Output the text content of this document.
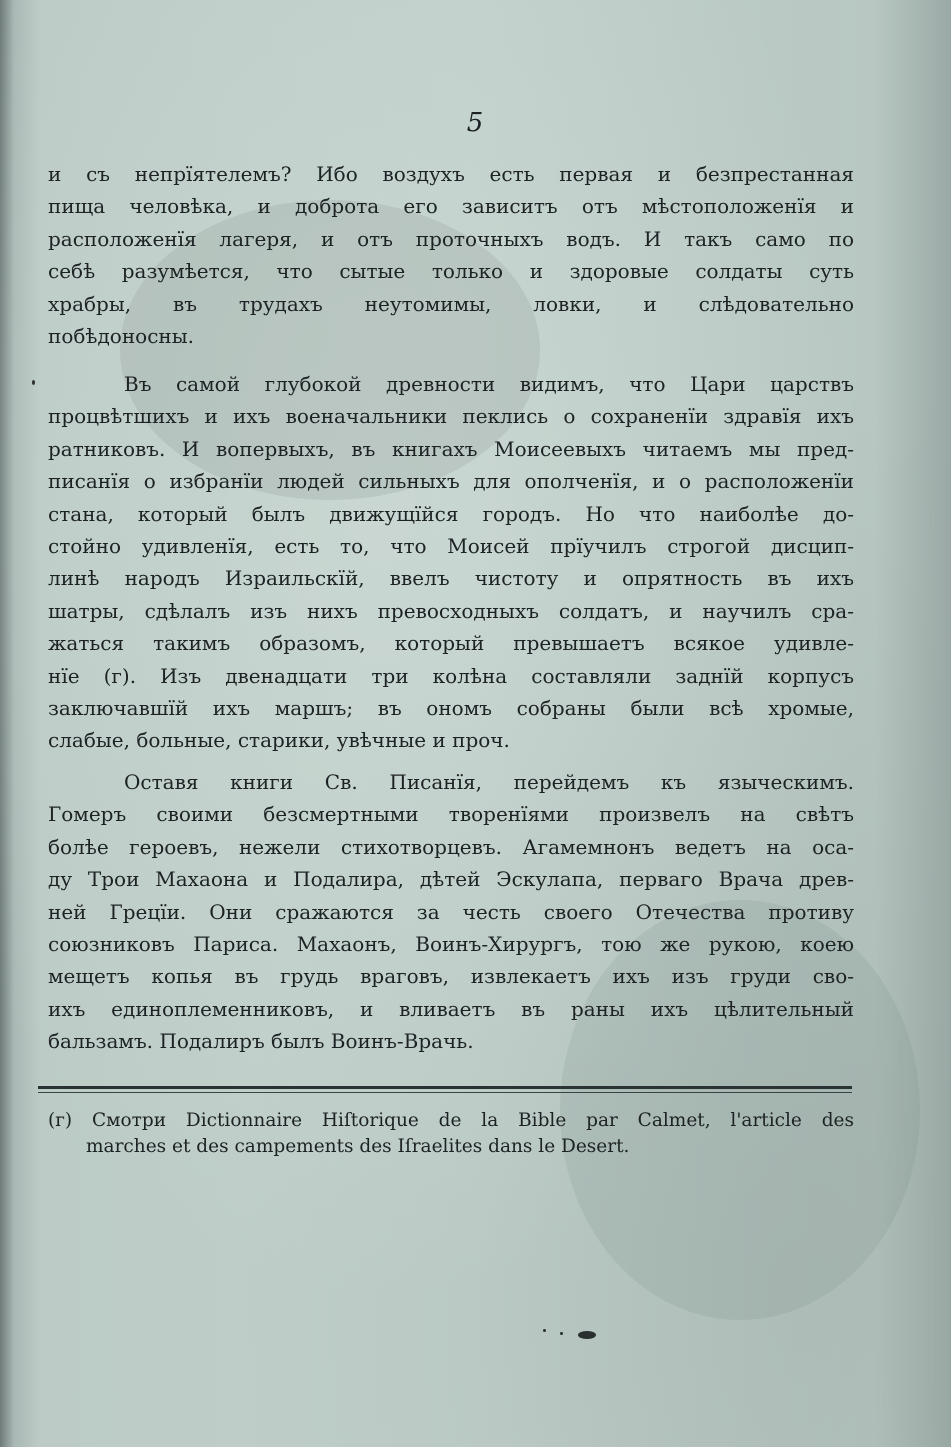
5
и съ непрїятелемъ? Ибо воздухъ есть первая и безпрестанная
пища человѣка, и доброта его зависитъ отъ мѣстоположенїя и
расположенїя лагеря, и отъ проточныхъ водъ. И такъ само по
себѣ разумѣется, что сытые только и здоровые солдаты суть
храбры, въ трудахъ неутомимы, ловки, и слѣдовательно
побѣдоносны.
Въ самой глубокой древности видимъ, что Цари царствъ
процвѣтшихъ и ихъ военачальники пеклись о сохраненїи здравїя ихъ
ратниковъ. И вопервыхъ, въ книгахъ Моисеевыхъ читаемъ мы пред-
писанїя о избранїи людей сильныхъ для ополченїя, и о расположенїи
стана, который былъ движущїйся городъ. Но что наиболѣе до-
стойно удивленїя, есть то, что Моисей прїучилъ строгой дисцип-
линѣ народъ Израильскїй, ввелъ чистоту и опрятность въ ихъ
шатры, сдѣлалъ изъ нихъ превосходныхъ солдатъ, и научилъ сра-
жаться такимъ образомъ, который превышаетъ всякое удивле-
нїе (г). Изъ двенадцати три колѣна составляли заднїй корпусъ
заключавшїй ихъ маршъ; въ ономъ собраны были всѣ хромые,
слабые, больные, старики, увѣчные и проч.
Оставя книги Св. Писанїя, перейдемъ къ языческимъ.
Гомеръ своими безсмертными творенїями произвелъ на свѣтъ
болѣе героевъ, нежели стихотворцевъ. Агамемнонъ ведетъ на оса-
ду Трои Махаона и Подалира, дѣтей Эскулапа, перваго Врача древ-
ней Грецїи. Они сражаются за честь своего Отечества противу
союзниковъ Париса. Махаонъ, Воинъ-Хирургъ, тою же рукою, коею
мещетъ копья въ грудь враговъ, извлекаетъ ихъ изъ груди сво-
ихъ единоплеменниковъ, и вливаетъ въ раны ихъ цѣлительный
бальзамъ. Подалиръ былъ Воинъ-Врачь.
(г) Смотри Dictionnaire Hiſtorique de la Bible par Calmet, l'article des
marches et des campements des Iſraelites dans le Desert.
